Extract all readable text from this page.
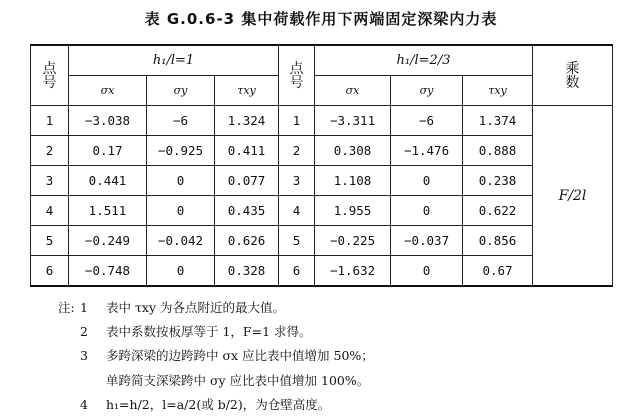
表 G.0.6-3 集中荷载作用下两端固定深梁内力表
点
号	h₁/l=1			点
号	h₁/l=2/3			乘
数
	σx	σy	τxy		σx	σy	τxy	
1	−3.038	−6	1.324	1	−3.311	−6	1.374	F/2l
2	0.17	−0.925	0.411	2	0.308	−1.476	0.888	
3	0.441	0	0.077	3	1.108	0	0.238	
4	1.511	0	0.435	4	1.955	0	0.622	
5	−0.249	−0.042	0.626	5	−0.225	−0.037	0.856	
6	−0.748	0	0.328	6	−1.632	0	0.67	
注: 1 表中 τxy 为各点附近的最大值。
2 表中系数按板厚等于 1，F=1 求得。
3 多跨深梁的边跨跨中 σx 应比表中值增加 50%；
单跨简支深梁跨中 σy 应比表中值增加 100%。
4 h₁=h/2，l=a/2(或 b/2)，为仓壁高度。
